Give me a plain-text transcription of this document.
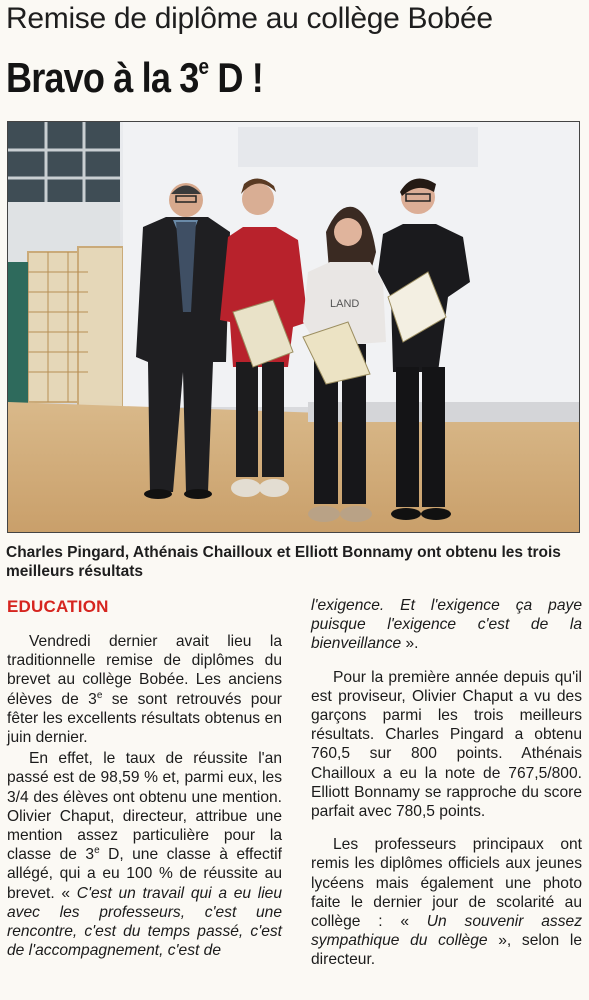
Remise de diplôme au collège Bobée
Bravo à la 3e D !
LAND
Charles Pingard, Athénais Chailloux et Elliott Bonnamy ont obtenu les trois meilleurs résultats
EDUCATION

Vendredi dernier avait lieu la traditionnelle remise de diplômes du brevet au collège Bobée. Les anciens élèves de 3e se sont retrouvés pour fêter les excellents résultats obtenus en juin dernier.

En effet, le taux de réussite l'an passé est de 98,59 % et, parmi eux, les 3/4 des élèves ont obtenu une mention. Olivier Chaput, directeur, attribue une mention assez particulière pour la classe de 3e D, une classe à effectif allégé, qui a eu 100 % de réussite au brevet. « C'est un travail qui a eu lieu avec les professeurs, c'est une rencontre, c'est du temps passé, c'est de l'accompagnement, c'est de

l'exigence. Et l'exigence ça paye puisque l'exigence c'est de la bienveillance ».

Pour la première année depuis qu'il est proviseur, Olivier Chaput a vu des garçons parmi les trois meilleurs résultats. Charles Pingard a obtenu 760,5 sur 800 points. Athénais Chailloux a eu la note de 767,5/800. Elliott Bonnamy se rapproche du score parfait avec 780,5 points.

Les professeurs principaux ont remis les diplômes officiels aux jeunes lycéens mais également une photo faite le dernier jour de scolarité au collège : « Un souvenir assez sympathique du collège », selon le directeur.
